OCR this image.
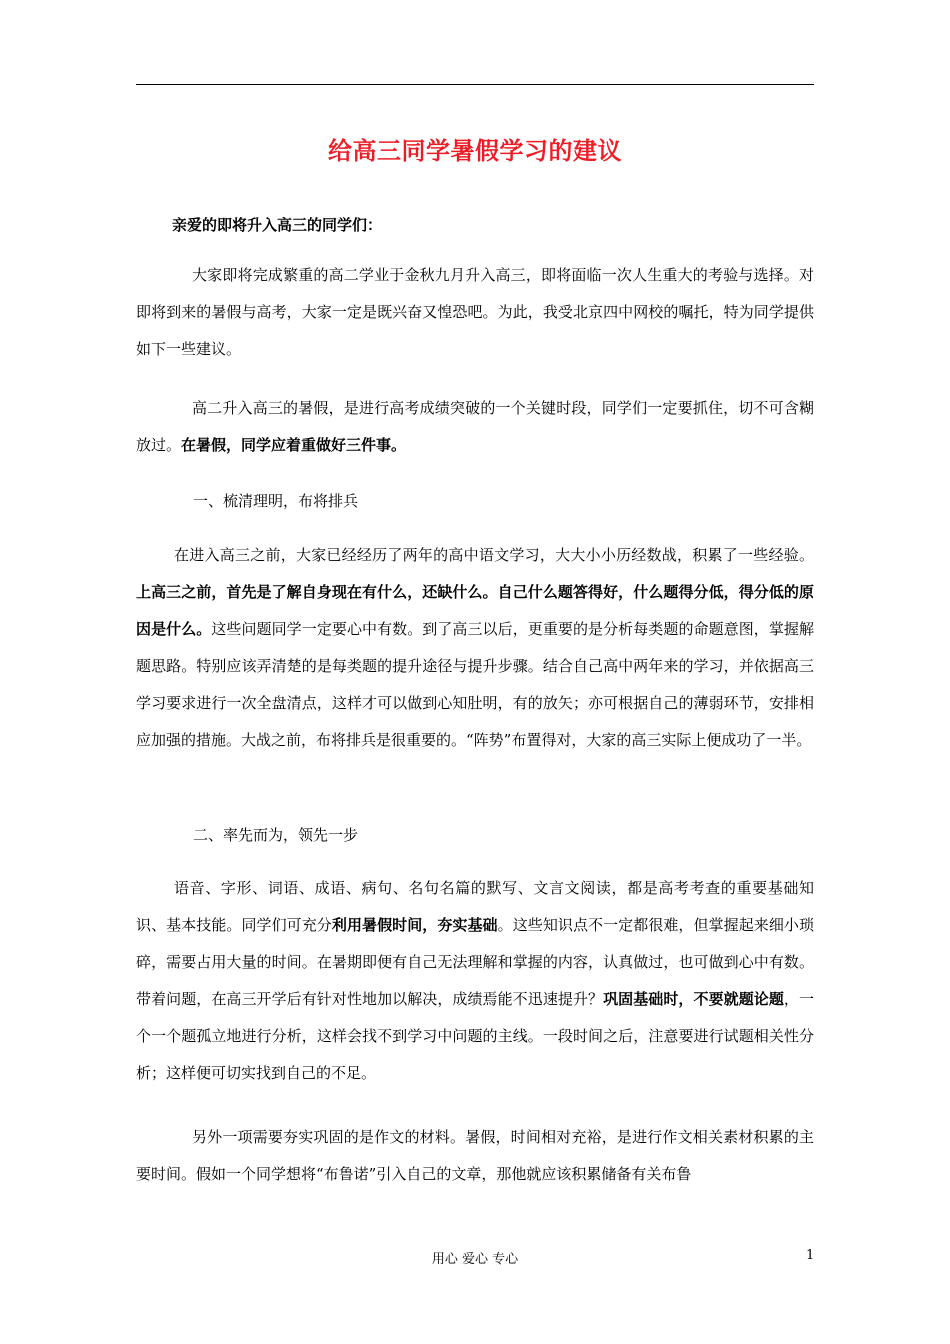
给高三同学暑假学习的建议
亲爱的即将升入高三的同学们：
大家即将完成繁重的高二学业于金秋九月升入高三，即将面临一次人生重大的考验与选择。对即将到来的暑假与高考，大家一定是既兴奋又惶恐吧。为此，我受北京四中网校的嘱托，特为同学提供如下一些建议。
高二升入高三的暑假，是进行高考成绩突破的一个关键时段，同学们一定要抓住，切不可含糊放过。在暑假，同学应着重做好三件事。
一、梳清理明，布将排兵
在进入高三之前，大家已经经历了两年的高中语文学习，大大小小历经数战，积累了一些经验。上高三之前，首先是了解自身现在有什么，还缺什么。自己什么题答得好，什么题得分低，得分低的原因是什么。这些问题同学一定要心中有数。到了高三以后，更重要的是分析每类题的命题意图，掌握解题思路。特别应该弄清楚的是每类题的提升途径与提升步骤。结合自己高中两年来的学习，并依据高三学习要求进行一次全盘清点，这样才可以做到心知肚明，有的放矢；亦可根据自己的薄弱环节，安排相应加强的措施。大战之前，布将排兵是很重要的。“阵势”布置得对，大家的高三实际上便成功了一半。
二、率先而为，领先一步
语音、字形、词语、成语、病句、名句名篇的默写、文言文阅读，都是高考考查的重要基础知识、基本技能。同学们可充分利用暑假时间，夯实基础。这些知识点不一定都很难，但掌握起来细小琐碎，需要占用大量的时间。在暑期即便有自己无法理解和掌握的内容，认真做过，也可做到心中有数。带着问题，在高三开学后有针对性地加以解决，成绩焉能不迅速提升？巩固基础时，不要就题论题，一个一个题孤立地进行分析，这样会找不到学习中问题的主线。一段时间之后，注意要进行试题相关性分析；这样便可切实找到自己的不足。
另外一项需要夯实巩固的是作文的材料。暑假，时间相对充裕，是进行作文相关素材积累的主要时间。假如一个同学想将“布鲁诺”引入自己的文章，那他就应该积累储备有关布鲁
用心 爱心 专心	1
